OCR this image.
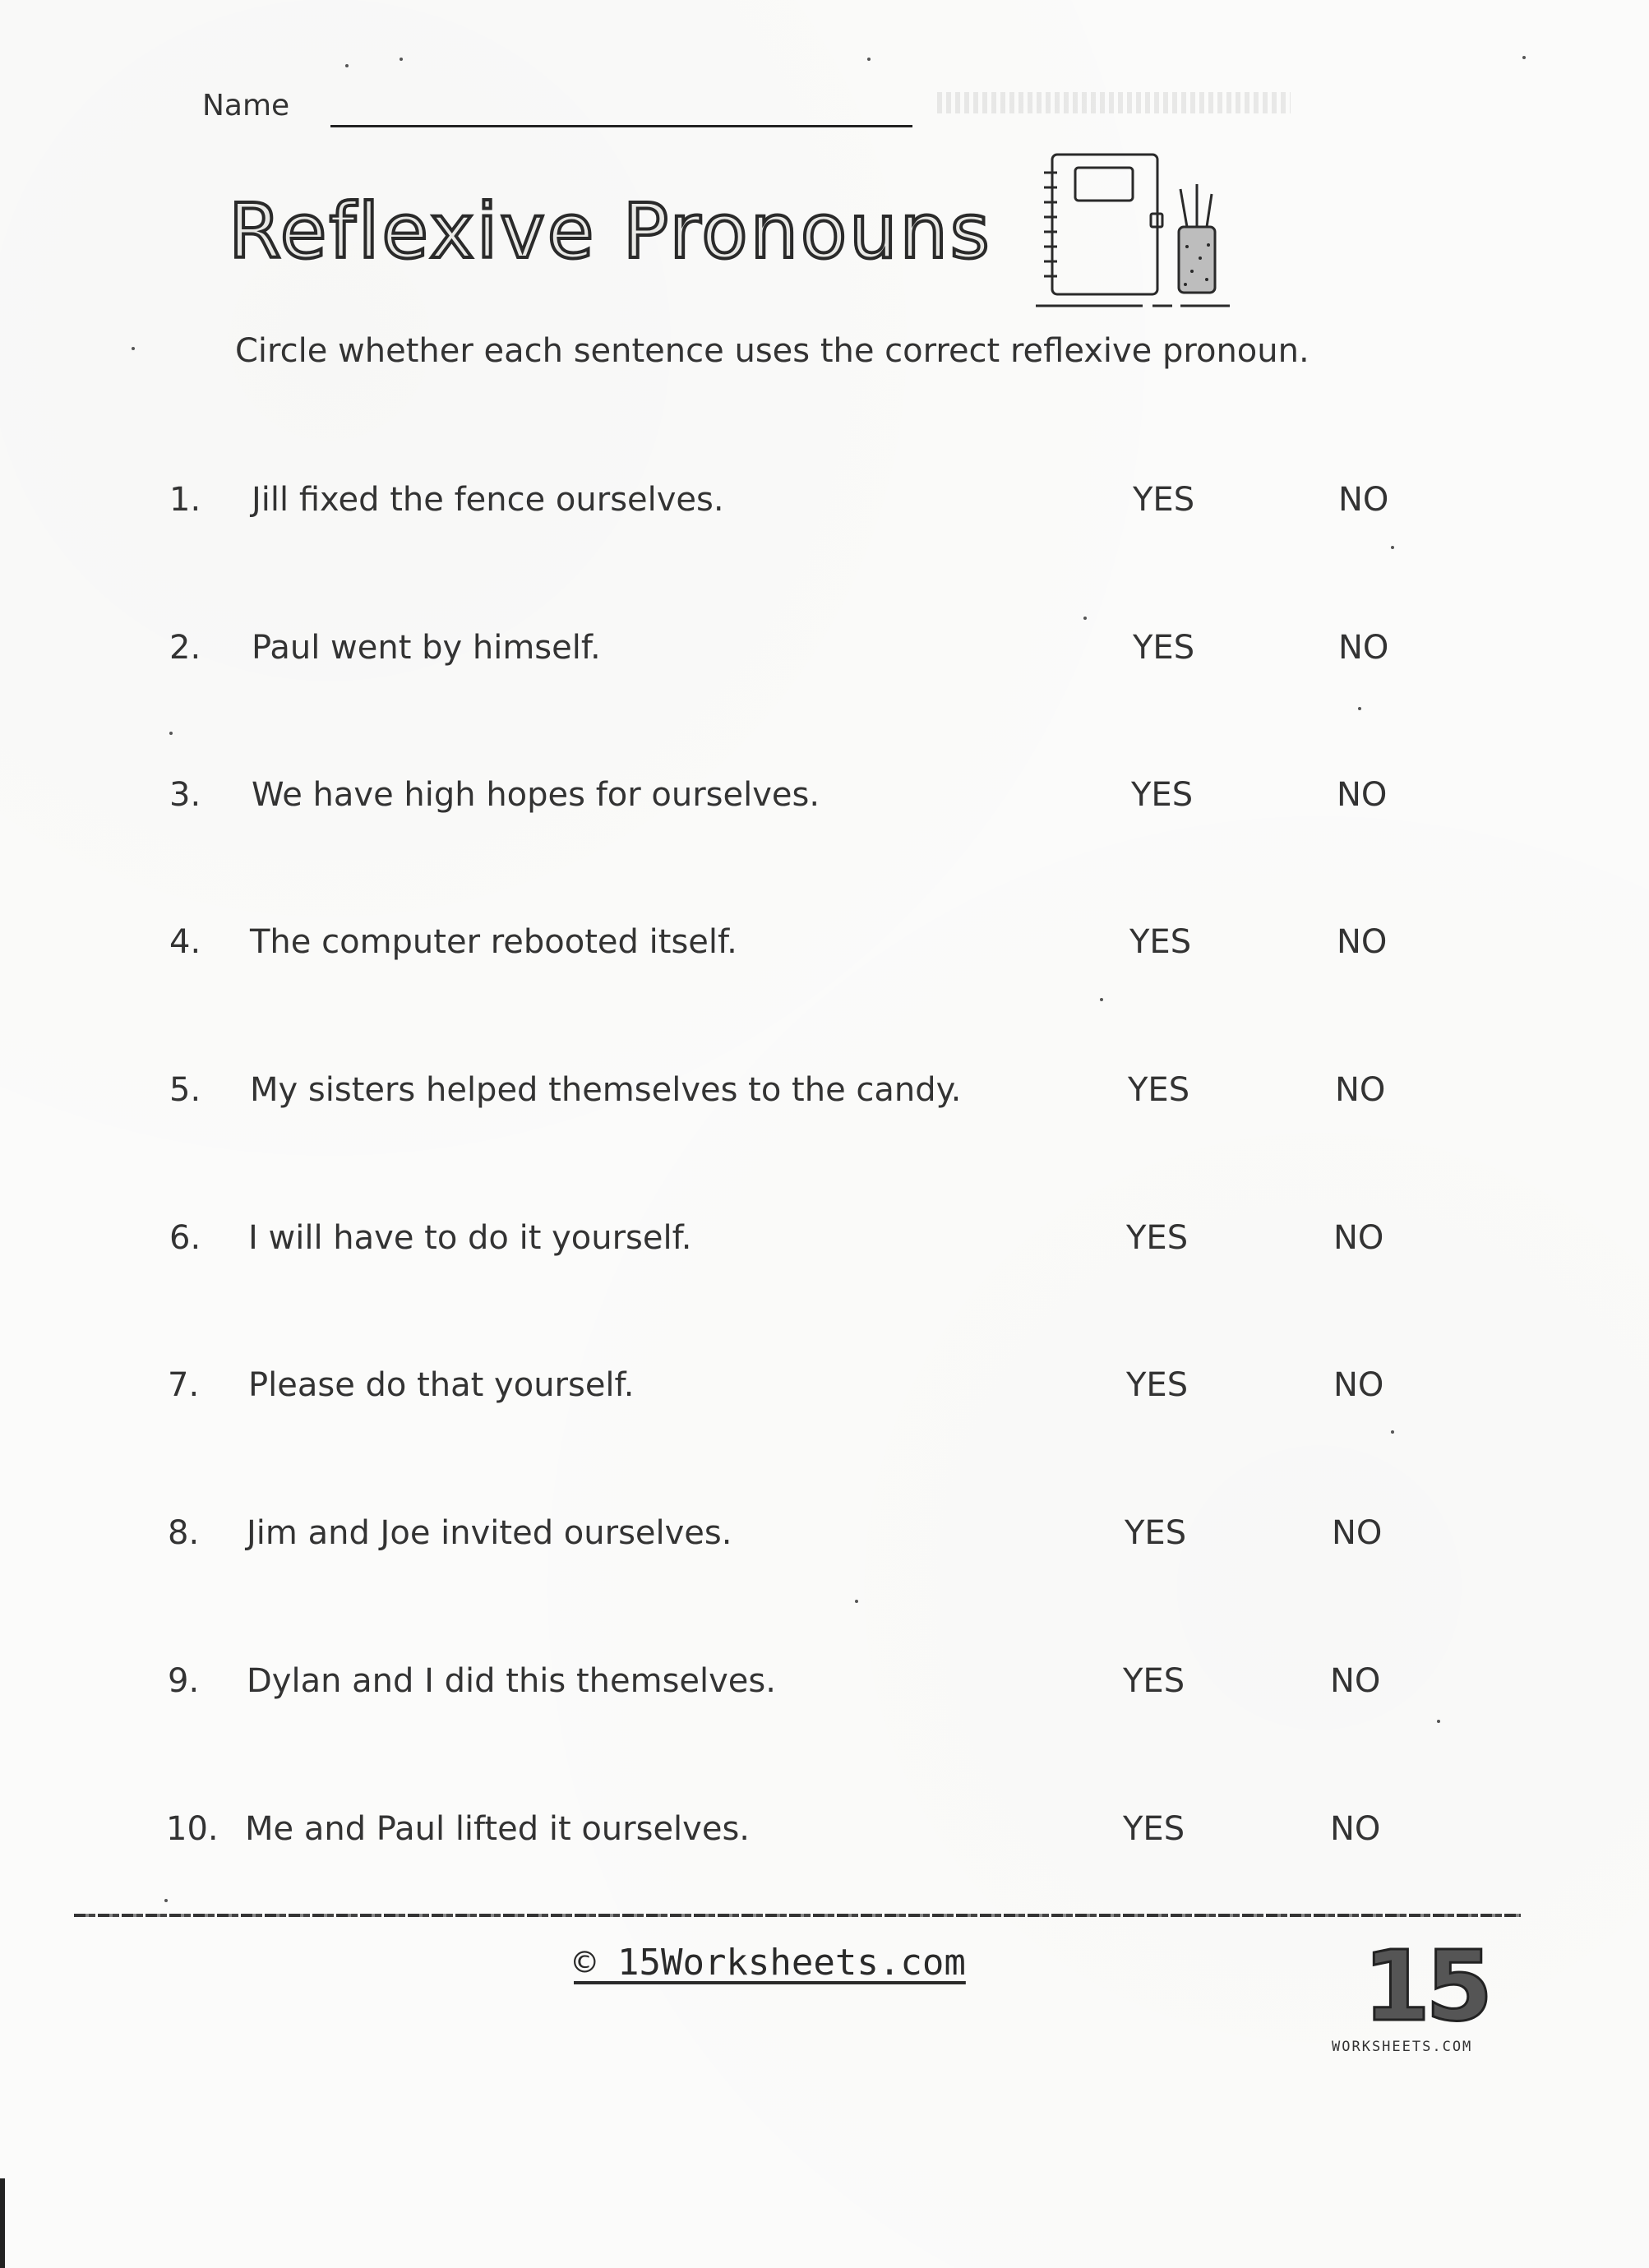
Name
Reflexive Pronouns
Circle whether each sentence uses the correct reflexive pronoun.
1. Jill fixed the fence ourselves.	YES	NO
2. Paul went by himself.	YES	NO
3. We have high hopes for ourselves.	YES	NO
4. The computer rebooted itself.	YES	NO
5. My sisters helped themselves to the candy.	YES	NO
6. I will have to do it yourself.	YES	NO
7. Please do that yourself.	YES	NO
8. Jim and Joe invited ourselves.	YES	NO
9. Dylan and I did this themselves.	YES	NO
10. Me and Paul lifted it ourselves.	YES	NO
© 15Worksheets.com	15
WORKSHEETS.COM
